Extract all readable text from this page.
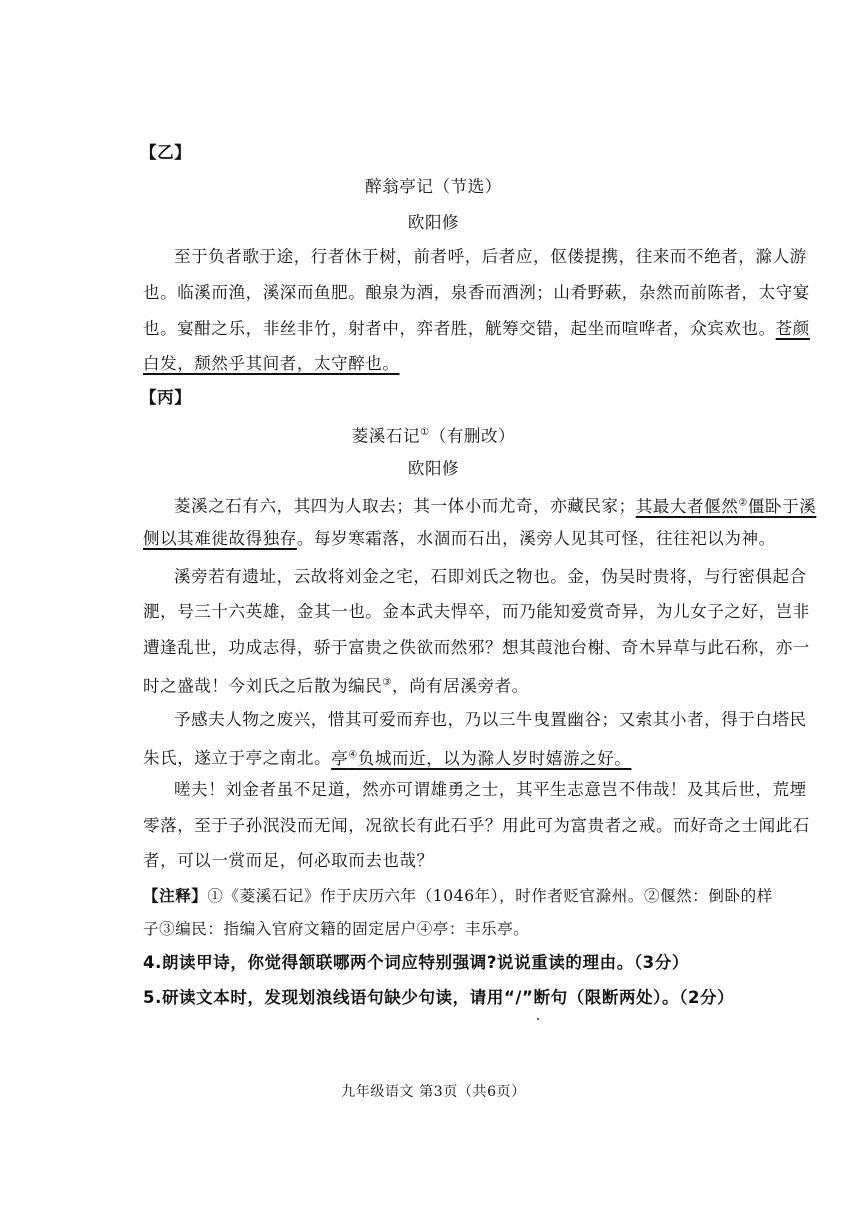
【乙】
醉翁亭记（节选）
欧阳修
至于负者歌于途，行者休于树，前者呼，后者应，伛偻提携，往来而不绝者，滁人游
也。临溪而渔，溪深而鱼肥。酿泉为酒，泉香而酒洌；山肴野蔌，杂然而前陈者，太守宴
也。宴酣之乐，非丝非竹，射者中，弈者胜，觥筹交错，起坐而喧哗者，众宾欢也。苍颜
白发，颓然乎其间者，太守醉也。
【丙】
菱溪石记①（有删改）
欧阳修
菱溪之石有六，其四为人取去；其一体小而尤奇，亦藏民家；其最大者偃然②僵卧于溪
侧以其难徙故得独存。每岁寒霜落，水涸而石出，溪旁人见其可怪，往往祀以为神。
溪旁若有遗址，云故将刘金之宅，石即刘氏之物也。金，伪吴时贵将，与行密俱起合
淝，号三十六英雄，金其一也。金本武夫悍卒，而乃能知爱赏奇异，为儿女子之好，岂非
遭逢乱世，功成志得，骄于富贵之佚欲而然邪？想其葭池台榭、奇木异草与此石称，亦一
时之盛哉！今刘氏之后散为编民③，尚有居溪旁者。
予感夫人物之废兴，惜其可爱而弃也，乃以三牛曳置幽谷；又索其小者，得于白塔民
朱氏，遂立于亭之南北。亭④负城而近，以为滁人岁时嬉游之好。
嗟夫！刘金者虽不足道，然亦可谓雄勇之士，其平生志意岂不伟哉！及其后世，荒堙
零落，至于子孙泯没而无闻，况欲长有此石乎？用此可为富贵者之戒。而好奇之士闻此石
者，可以一赏而足，何必取而去也哉？
【注释】①《菱溪石记》作于庆历六年（1046年），时作者贬官滁州。②偃然：倒卧的样
子③编民：指编入官府文籍的固定居户④亭：丰乐亭。
4.朗读甲诗，你觉得颔联哪两个词应特别强调?说说重读的理由。（3分）
5.研读文本时，发现划浪线语句缺少句读，请用“/”断句（限断两处）。（2分）
九年级语文 第3页（共6页）
